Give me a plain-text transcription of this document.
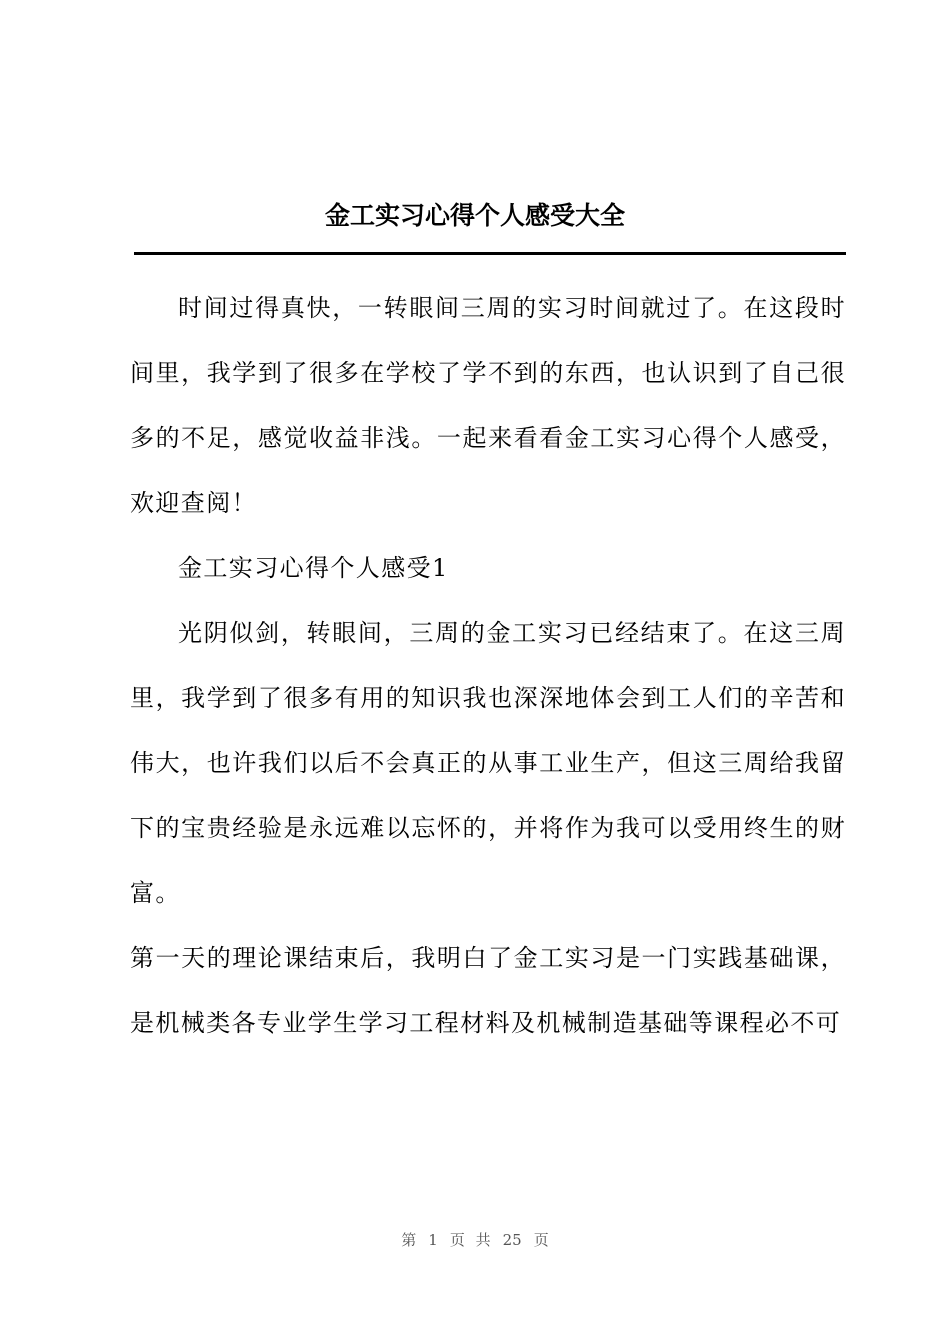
金工实习心得个人感受大全

时间过得真快，一转眼间三周的实习时间就过了。在这段时间里，我学到了很多在学校了学不到的东西，也认识到了自己很多的不足，感觉收益非浅。一起来看看金工实习心得个人感受，欢迎查阅！

金工实习心得个人感受1

光阴似剑，转眼间，三周的金工实习已经结束了。在这三周里，我学到了很多有用的知识我也深深地体会到工人们的辛苦和伟大，也许我们以后不会真正的从事工业生产，但这三周给我留下的宝贵经验是永远难以忘怀的，并将作为我可以受用终生的财富。

第一天的理论课结束后，我明白了金工实习是一门实践基础课，是机械类各专业学生学习工程材料及机械制造基础等课程必不可

第 1 页 共 25 页
